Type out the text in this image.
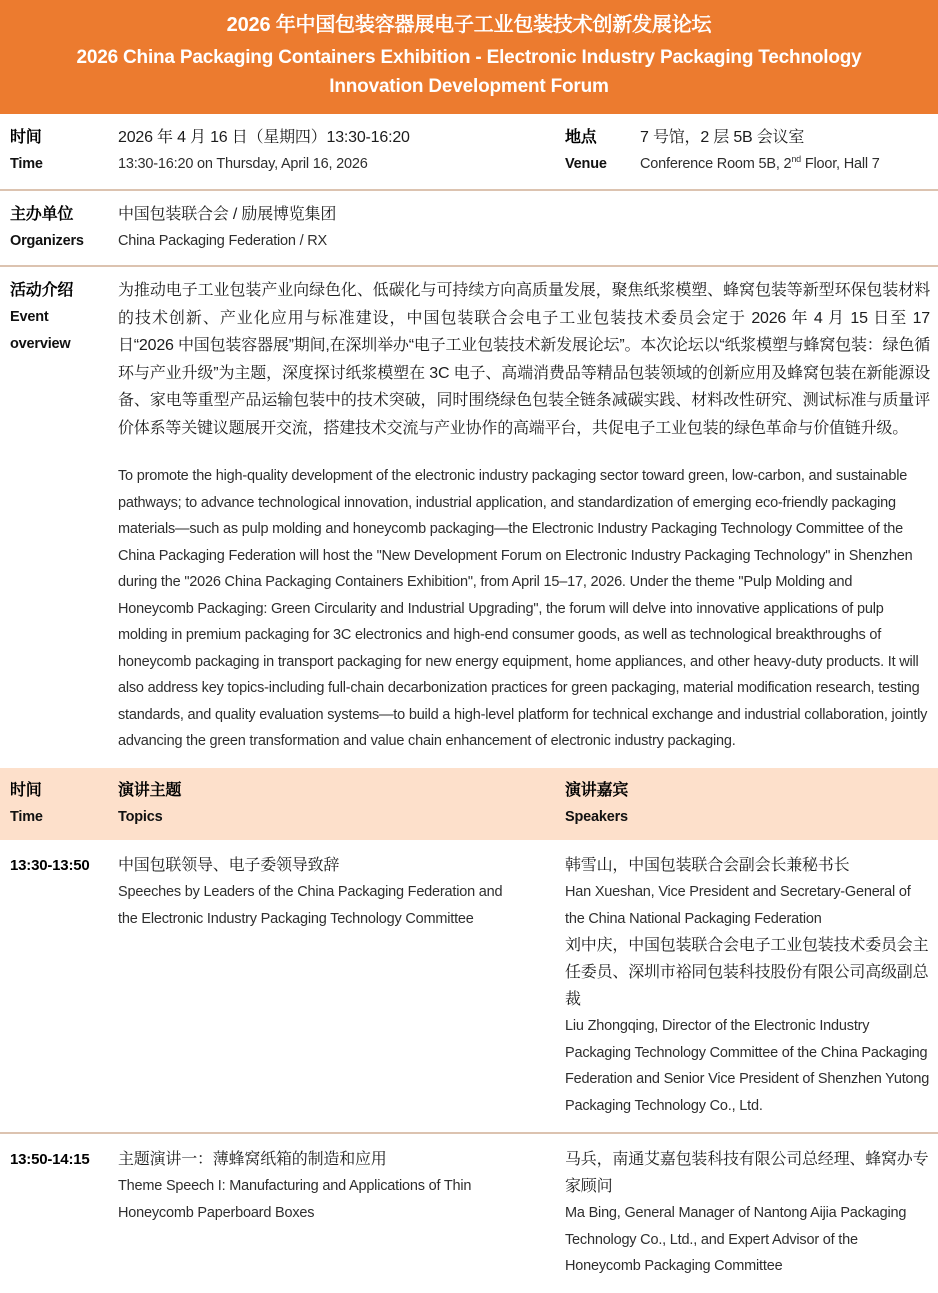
2026 年中国包装容器展电子工业包装技术创新发展论坛
2026 China Packaging Containers Exhibition - Electronic Industry Packaging Technology Innovation Development Forum
时间
Time
2026 年 4 月 16 日（星期四）13:30-16:20
13:30-16:20 on Thursday, April 16, 2026
地点
Venue
7 号馆，2 层 5B 会议室
Conference Room 5B, 2nd Floor, Hall 7
主办单位
Organizers
中国包装联合会 / 励展博览集团
China Packaging Federation / RX
活动介绍
Event overview

为推动电子工业包装产业向绿色化、低碳化与可持续方向高质量发展，聚焦纸浆模塑、蜂窝包装等新型环保包装材料的技术创新、产业化应用与标准建设，中国包装联合会电子工业包装技术委员会定于 2026 年 4 月 15 日至 17 日“2026 中国包装容器展”期间,在深圳举办“电子工业包装技术新发展论坛”。本次论坛以“纸浆模塑与蜂窝包装：绿色循环与产业升级”为主题，深度探讨纸浆模塑在 3C 电子、高端消费品等精品包装领域的创新应用及蜂窝包装在新能源设备、家电等重型产品运输包装中的技术突破，同时围绕绿色包装全链条减碳实践、材料改性研究、测试标准与质量评价体系等关键议题展开交流，搭建技术交流与产业协作的高端平台，共促电子工业包装的绿色革命与价值链升级。

To promote the high-quality development of the electronic industry packaging sector toward green, low-carbon, and sustainable pathways; to advance technological innovation, industrial application, and standardization of emerging eco-friendly packaging materials—such as pulp molding and honeycomb packaging—the Electronic Industry Packaging Technology Committee of the China Packaging Federation will host the "New Development Forum on Electronic Industry Packaging Technology" in Shenzhen during the "2026 China Packaging Containers Exhibition", from April 15–17, 2026. Under the theme "Pulp Molding and Honeycomb Packaging: Green Circularity and Industrial Upgrading", the forum will delve into innovative applications of pulp molding in premium packaging for 3C electronics and high-end consumer goods, as well as technological breakthroughs of honeycomb packaging in transport packaging for new energy equipment, home appliances, and other heavy-duty products. It will also address key topics-including full-chain decarbonization practices for green packaging, material modification research, testing standards, and quality evaluation systems—to build a high-level platform for technical exchange and industrial collaboration, jointly advancing the green transformation and value chain enhancement of electronic industry packaging.

时间
Time
演讲主题
Topics
演讲嘉宾
Speakers
13:30-13:50	中国包联领导、电子委领导致辞
Speeches by Leaders of the China Packaging Federation and the Electronic Industry Packaging Technology Committee
韩雪山，中国包装联合会副会长兼秘书长
Han Xueshan, Vice President and Secretary-General of the China National Packaging Federation
刘中庆，中国包装联合会电子工业包装技术委员会主任委员、深圳市裕同包装科技股份有限公司高级副总裁
Liu Zhongqing, Director of the Electronic Industry Packaging Technology Committee of the China Packaging Federation and Senior Vice President of Shenzhen Yutong Packaging Technology Co., Ltd.
13:50-14:15	主题演讲一：薄蜂窝纸箱的制造和应用
Theme Speech I: Manufacturing and Applications of Thin Honeycomb Paperboard Boxes
马兵，南通艾嘉包装科技有限公司总经理、蜂窝办专家顾问
Ma Bing, General Manager of Nantong Aijia Packaging Technology Co., Ltd., and Expert Advisor of the Honeycomb Packaging Committee
